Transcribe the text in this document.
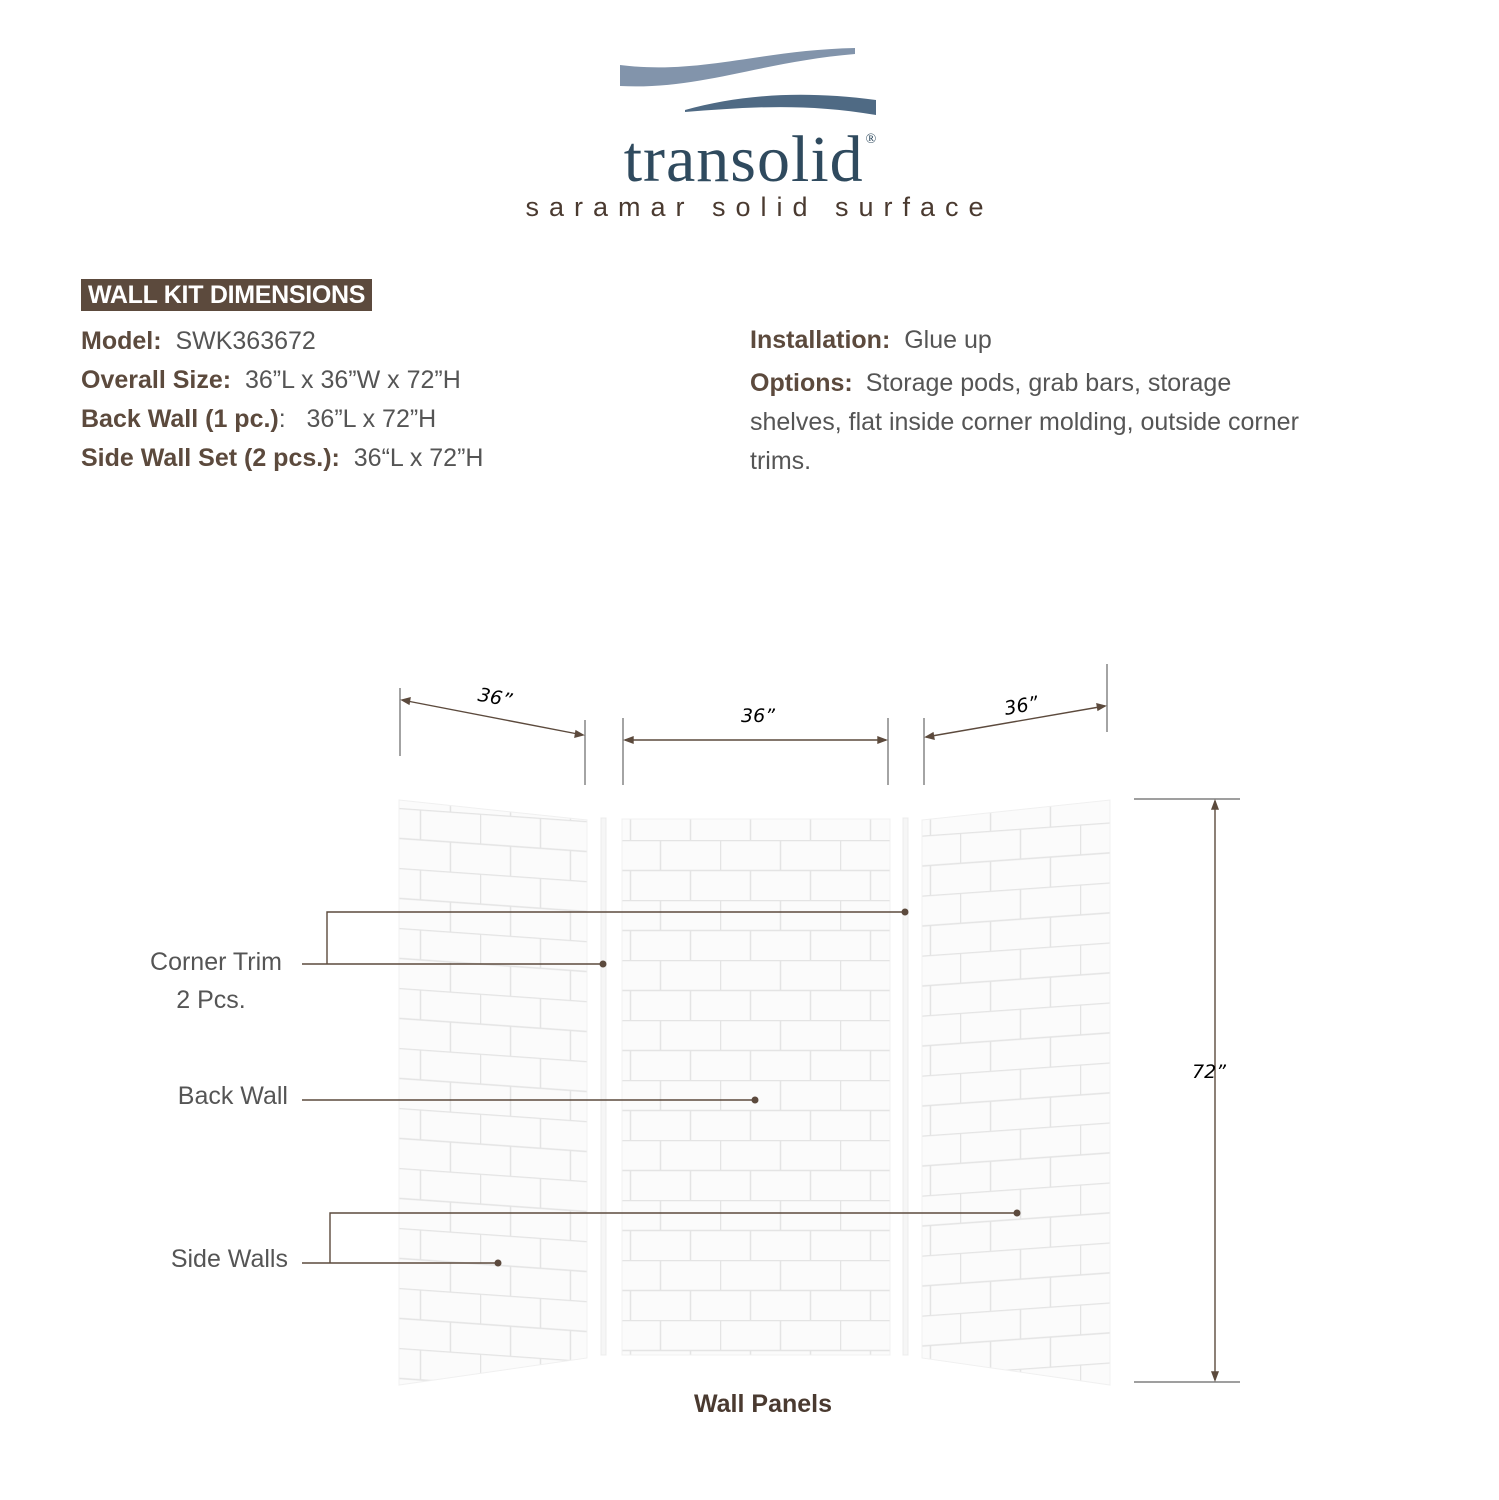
transolid ®
saramar solid surface
WALL KIT DIMENSIONS
Model: SWK363672
Overall Size: 36”L x 36”W x 72”H
Back Wall (1 pc.):   36”L x 72”H
Side Wall Set (2 pcs.): 36“L x 72”H
Installation: Glue up
Options: Storage pods, grab bars, storage shelves, flat inside corner molding, outside corner trims.
36”
36”	36”
72”
Corner Trim
2 Pcs.
Back Wall
Side Walls
Wall Panels
